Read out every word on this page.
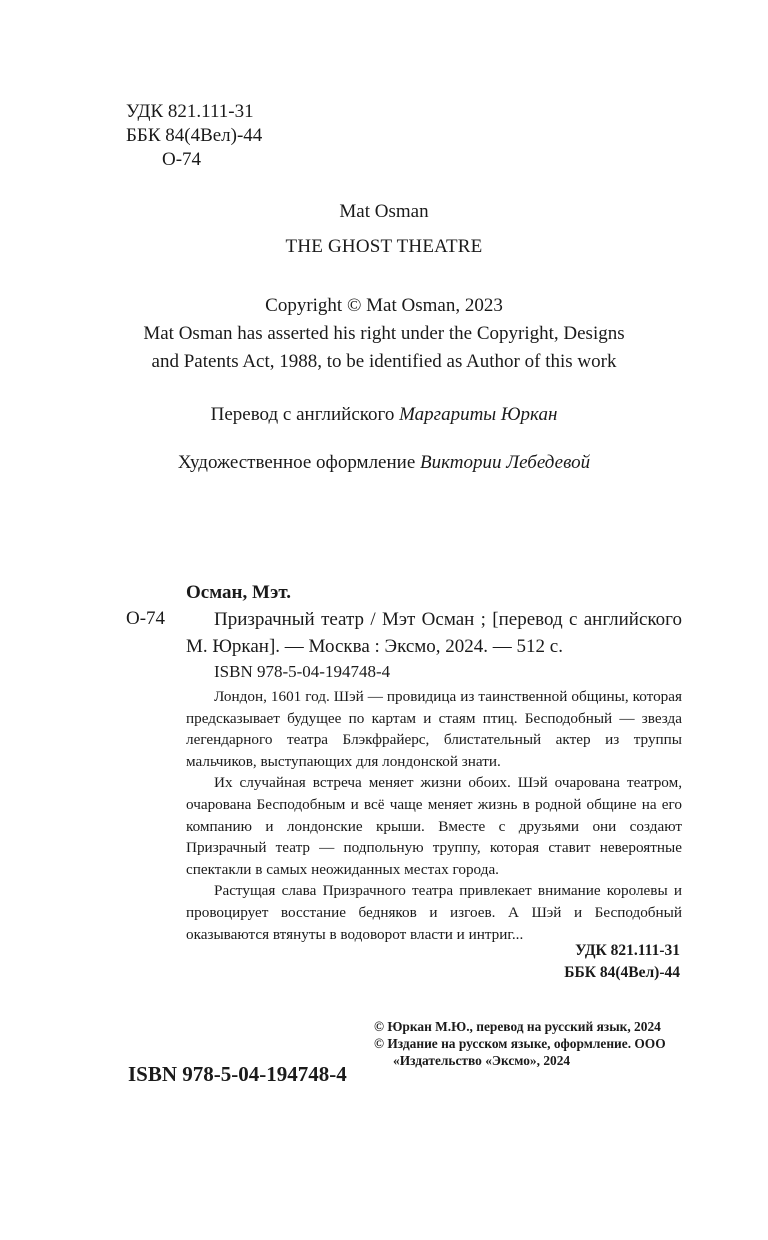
УДК 821.111-31
ББК 84(4Вел)-44

О-74
Mat Osman
THE GHOST THEATRE
Copyright © Mat Osman, 2023
Mat Osman has asserted his right under the Copyright, Designs
and Patents Act, 1988, to be identified as Author of this work
Перевод с английского Маргариты Юркан
Художественное оформление Виктории Лебедевой
Осман, Мэт.
О-74	Призрачный театр / Мэт Осман ; [перевод с английского М. Юркан]. — Москва : Эксмо, 2024. — 512 с.
ISBN 978-5-04-194748-4

Лондон, 1601 год. Шэй — провидица из таинственной общины, которая предсказывает будущее по картам и стаям птиц. Бесподобный — звезда легендарного театра Блэкфрайерс, блистательный актер из труппы мальчиков, выступающих для лондонской знати.

Их случайная встреча меняет жизни обоих. Шэй очарована театром, очарована Бесподобным и всё чаще меняет жизнь в родной общине на его компанию и лондонские крыши. Вместе с друзьями они создают Призрачный театр — подпольную труппу, которая ставит невероятные спектакли в самых неожиданных местах города.

Растущая слава Призрачного театра привлекает внимание королевы и провоцирует восстание бедняков и изгоев. А Шэй и Бесподобный оказываются втянуты в водоворот власти и интриг...

УДК 821.111-31
ББК 84(4Вел)-44
ISBN 978-5-04-194748-4
© Юркан М.Ю., перевод на русский язык, 2024
© Издание на русском языке, оформление. ООО «Издательство «Эксмо», 2024
